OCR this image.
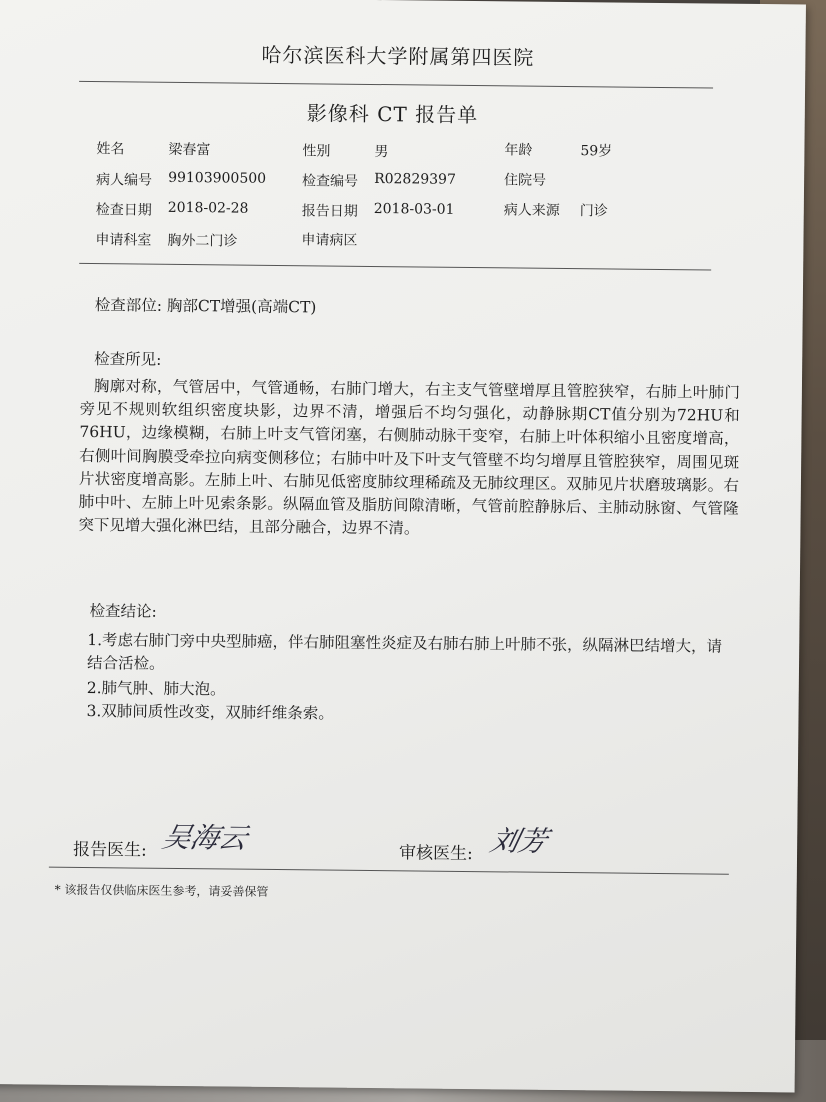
哈尔滨医科大学附属第四医院
影像科 CT 报告单
姓名	梁春富	性别	男	年龄	59岁
病人编号 99103900500	检查编号 R02829397	住院号
检查日期 2018-02-28	报告日期 2018-03-01	病人来源 门诊
申请科室 胸外二门诊	申请病区
检查部位: 胸部CT增强(高端CT)
检查所见:
胸廓对称，气管居中，气管通畅，右肺门增大，右主支气管壁增厚且管腔狭窄，右肺上叶肺门旁见不规则软组织密度块影，边界不清，增强后不均匀强化，动静脉期CT值分别为72HU和76HU，边缘模糊，右肺上叶支气管闭塞，右侧肺动脉干变窄，右肺上叶体积缩小且密度增高，右侧叶间胸膜受牵拉向病变侧移位；右肺中叶及下叶支气管壁不均匀增厚且管腔狭窄，周围见斑片状密度增高影。左肺上叶、右肺见低密度肺纹理稀疏及无肺纹理区。双肺见片状磨玻璃影。右肺中叶、左肺上叶见索条影。纵隔血管及脂肪间隙清晰，气管前腔静脉后、主肺动脉窗、气管隆突下见增大强化淋巴结，且部分融合，边界不清。
检查结论:
1.考虑右肺门旁中央型肺癌，伴右肺阻塞性炎症及右肺右肺上叶肺不张，纵隔淋巴结增大，请结合活检。
2.肺气肿、肺大泡。
3.双肺间质性改变，双肺纤维条索。
报告医生: 吴海云	审核医生: 刘芳
* 该报告仅供临床医生参考，请妥善保管
